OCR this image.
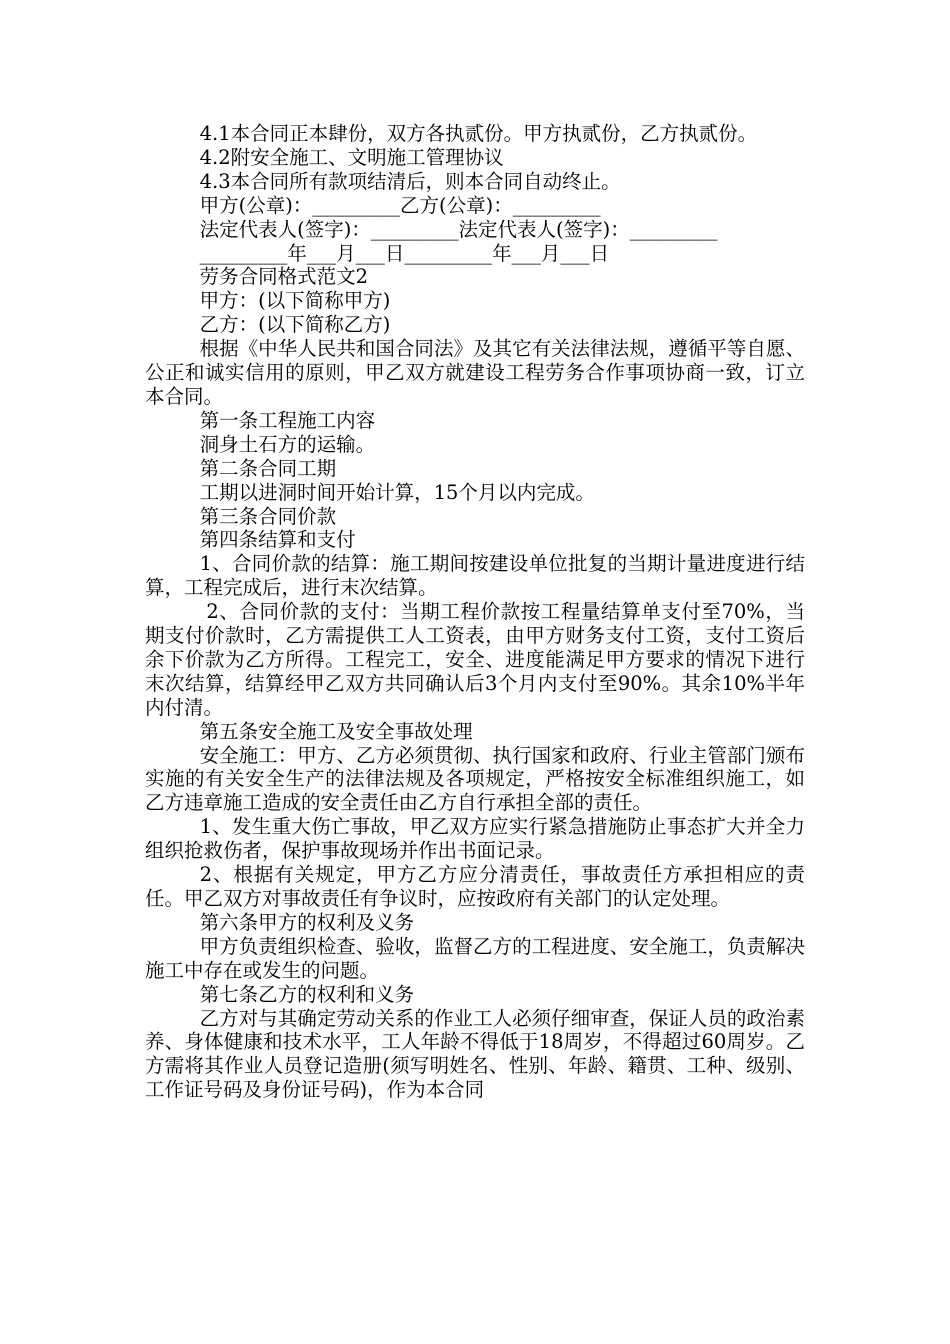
4.1本合同正本肆份，双方各执贰份。甲方执贰份，乙方执贰份。

4.2附安全施工、文明施工管理协议

4.3本合同所有款项结清后，则本合同自动终止。

甲方(公章)：_________乙方(公章)：_________

法定代表人(签字)：_________法定代表人(签字)：_________

_________年___月___日_________年___月___日

劳务合同格式范文2

甲方：(以下简称甲方)

乙方：(以下简称乙方)

根据《中华人民共和国合同法》及其它有关法律法规，遵循平等自愿、公正和诚实信用的原则，甲乙双方就建设工程劳务合作事项协商一致，订立本合同。

第一条工程施工内容

洞身土石方的运输。

第二条合同工期

工期以进洞时间开始计算，15个月以内完成。

第三条合同价款

第四条结算和支付

1、合同价款的结算：施工期间按建设单位批复的当期计量进度进行结算，工程完成后，进行末次结算。

2、合同价款的支付：当期工程价款按工程量结算单支付至70%，当期支付价款时，乙方需提供工人工资表，由甲方财务支付工资，支付工资后余下价款为乙方所得。工程完工，安全、进度能满足甲方要求的情况下进行末次结算，结算经甲乙双方共同确认后3个月内支付至90%。其余10%半年内付清。

第五条安全施工及安全事故处理

安全施工：甲方、乙方必须贯彻、执行国家和政府、行业主管部门颁布实施的有关安全生产的法律法规及各项规定，严格按安全标准组织施工，如乙方违章施工造成的安全责任由乙方自行承担全部的责任。

1、发生重大伤亡事故，甲乙双方应实行紧急措施防止事态扩大并全力组织抢救伤者，保护事故现场并作出书面记录。

2、根据有关规定，甲方乙方应分清责任，事故责任方承担相应的责任。甲乙双方对事故责任有争议时，应按政府有关部门的认定处理。

第六条甲方的权利及义务

甲方负责组织检查、验收，监督乙方的工程进度、安全施工，负责解决施工中存在或发生的问题。

第七条乙方的权利和义务

乙方对与其确定劳动关系的作业工人必须仔细审查，保证人员的政治素养、身体健康和技术水平，工人年龄不得低于18周岁，不得超过60周岁。乙方需将其作业人员登记造册(须写明姓名、性别、年龄、籍贯、工种、级别、工作证号码及身份证号码)，作为本合同
